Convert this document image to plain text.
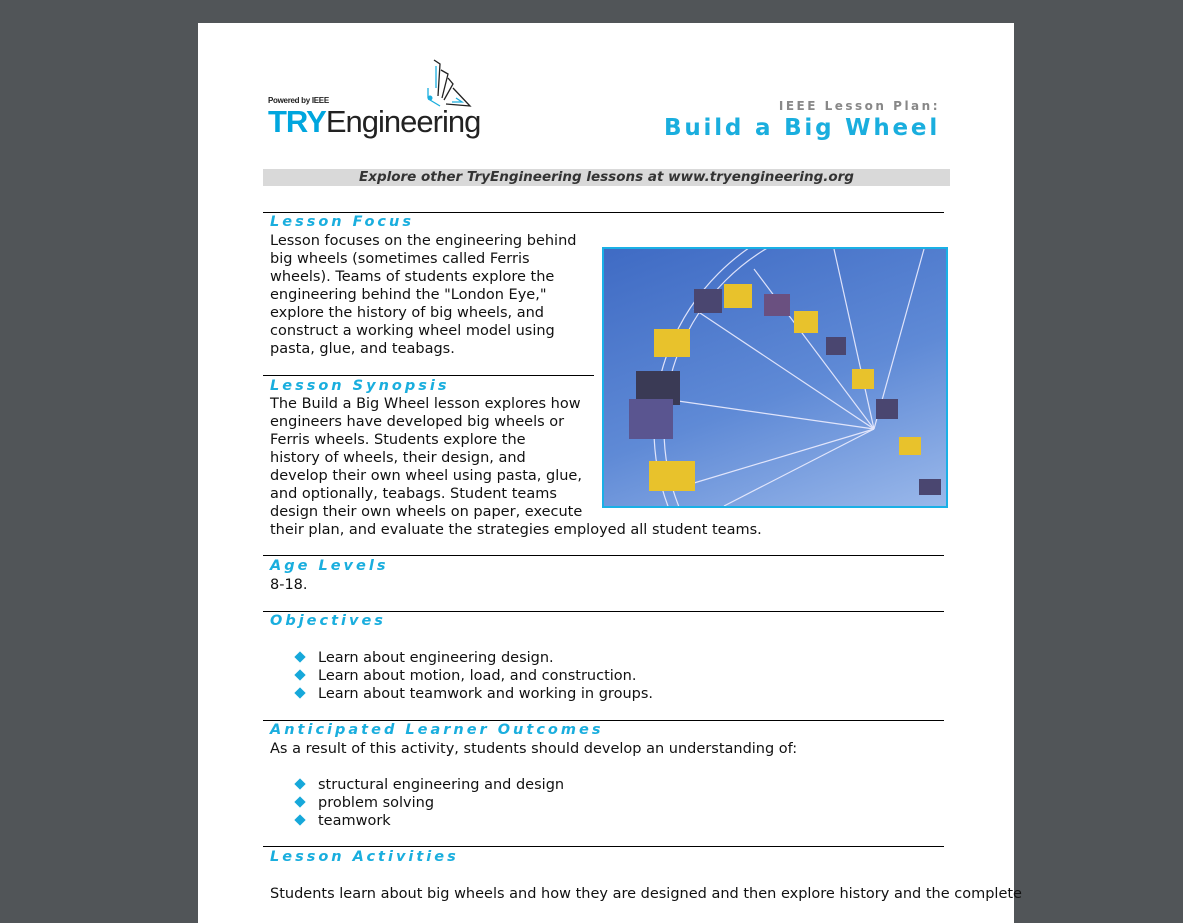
Powered by IEEE
TRYEngineering	IEEE Lesson Plan:
Build a Big Wheel
Explore other TryEngineering lessons at www.tryengineering.org
Lesson Focus
Lesson focuses on the engineering behind
big wheels (sometimes called Ferris
wheels). Teams of students explore the
engineering behind the "London Eye,"
explore the history of big wheels, and
construct a working wheel model using
pasta, glue, and teabags.
Lesson Synopsis
The Build a Big Wheel lesson explores how
engineers have developed big wheels or
Ferris wheels. Students explore the
history of wheels, their design, and
develop their own wheel using pasta, glue,
and optionally, teabags. Student teams
design their own wheels on paper, execute
their plan, and evaluate the strategies employed all student teams.
Age Levels
8-18.
Objectives
Learn about engineering design.
Learn about motion, load, and construction.
Learn about teamwork and working in groups.
Anticipated Learner Outcomes
As a result of this activity, students should develop an understanding of:
structural engineering and design
problem solving
teamwork
Lesson Activities
Students learn about big wheels and how they are designed and then explore history and the complete
